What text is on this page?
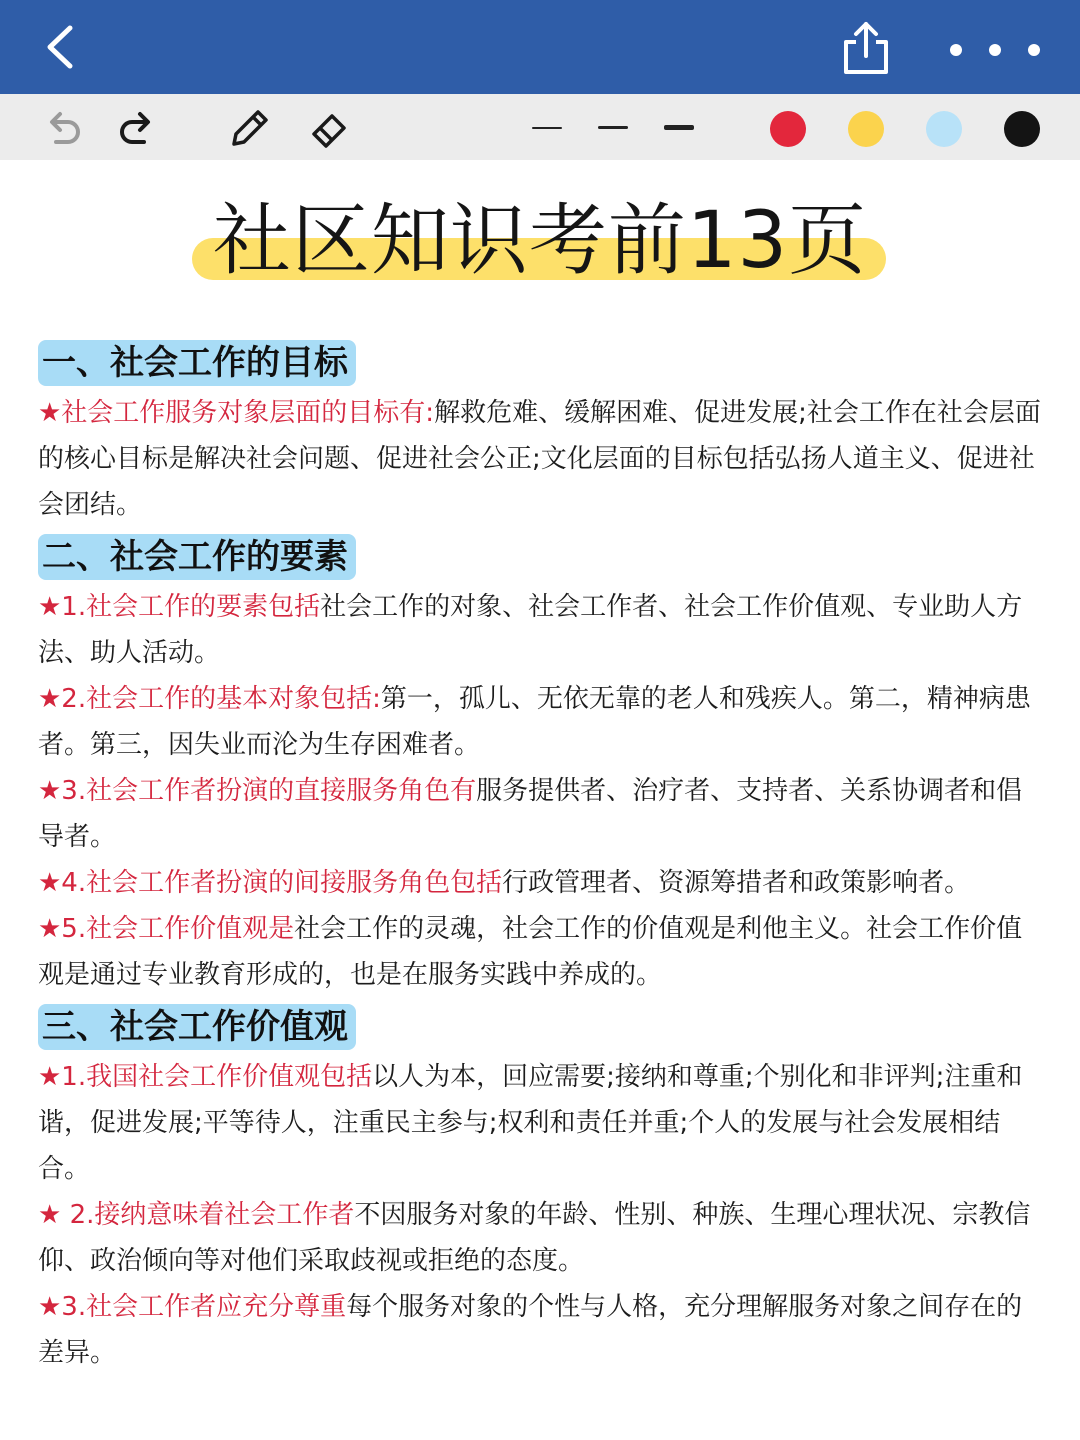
社区知识考前13页
一、社会工作的目标

★社会工作服务对象层面的目标有:解救危难、缓解困难、促进发展;社会工作在社会层面的核心目标是解决社会问题、促进社会公正;文化层面的目标包括弘扬人道主义、促进社会团结。

二、社会工作的要素

★1.社会工作的要素包括社会工作的对象、社会工作者、社会工作价值观、专业助人方法、助人活动。

★2.社会工作的基本对象包括:第一，孤儿、无依无靠的老人和残疾人。第二，精神病患者。第三，因失业而沦为生存困难者。

★3.社会工作者扮演的直接服务角色有服务提供者、治疗者、支持者、关系协调者和倡导者。

★4.社会工作者扮演的间接服务角色包括行政管理者、资源筹措者和政策影响者。

★5.社会工作价值观是社会工作的灵魂，社会工作的价值观是利他主义。社会工作价值观是通过专业教育形成的，也是在服务实践中养成的。

三、社会工作价值观

★1.我国社会工作价值观包括以人为本，回应需要;接纳和尊重;个别化和非评判;注重和谐，促进发展;平等待人，注重民主参与;权利和责任并重;个人的发展与社会发展相结合。

★ 2.接纳意味着社会工作者不因服务对象的年龄、性别、种族、生理心理状况、宗教信仰、政治倾向等对他们采取歧视或拒绝的态度。

★3.社会工作者应充分尊重每个服务对象的个性与人格，充分理解服务对象之间存在的差异。
